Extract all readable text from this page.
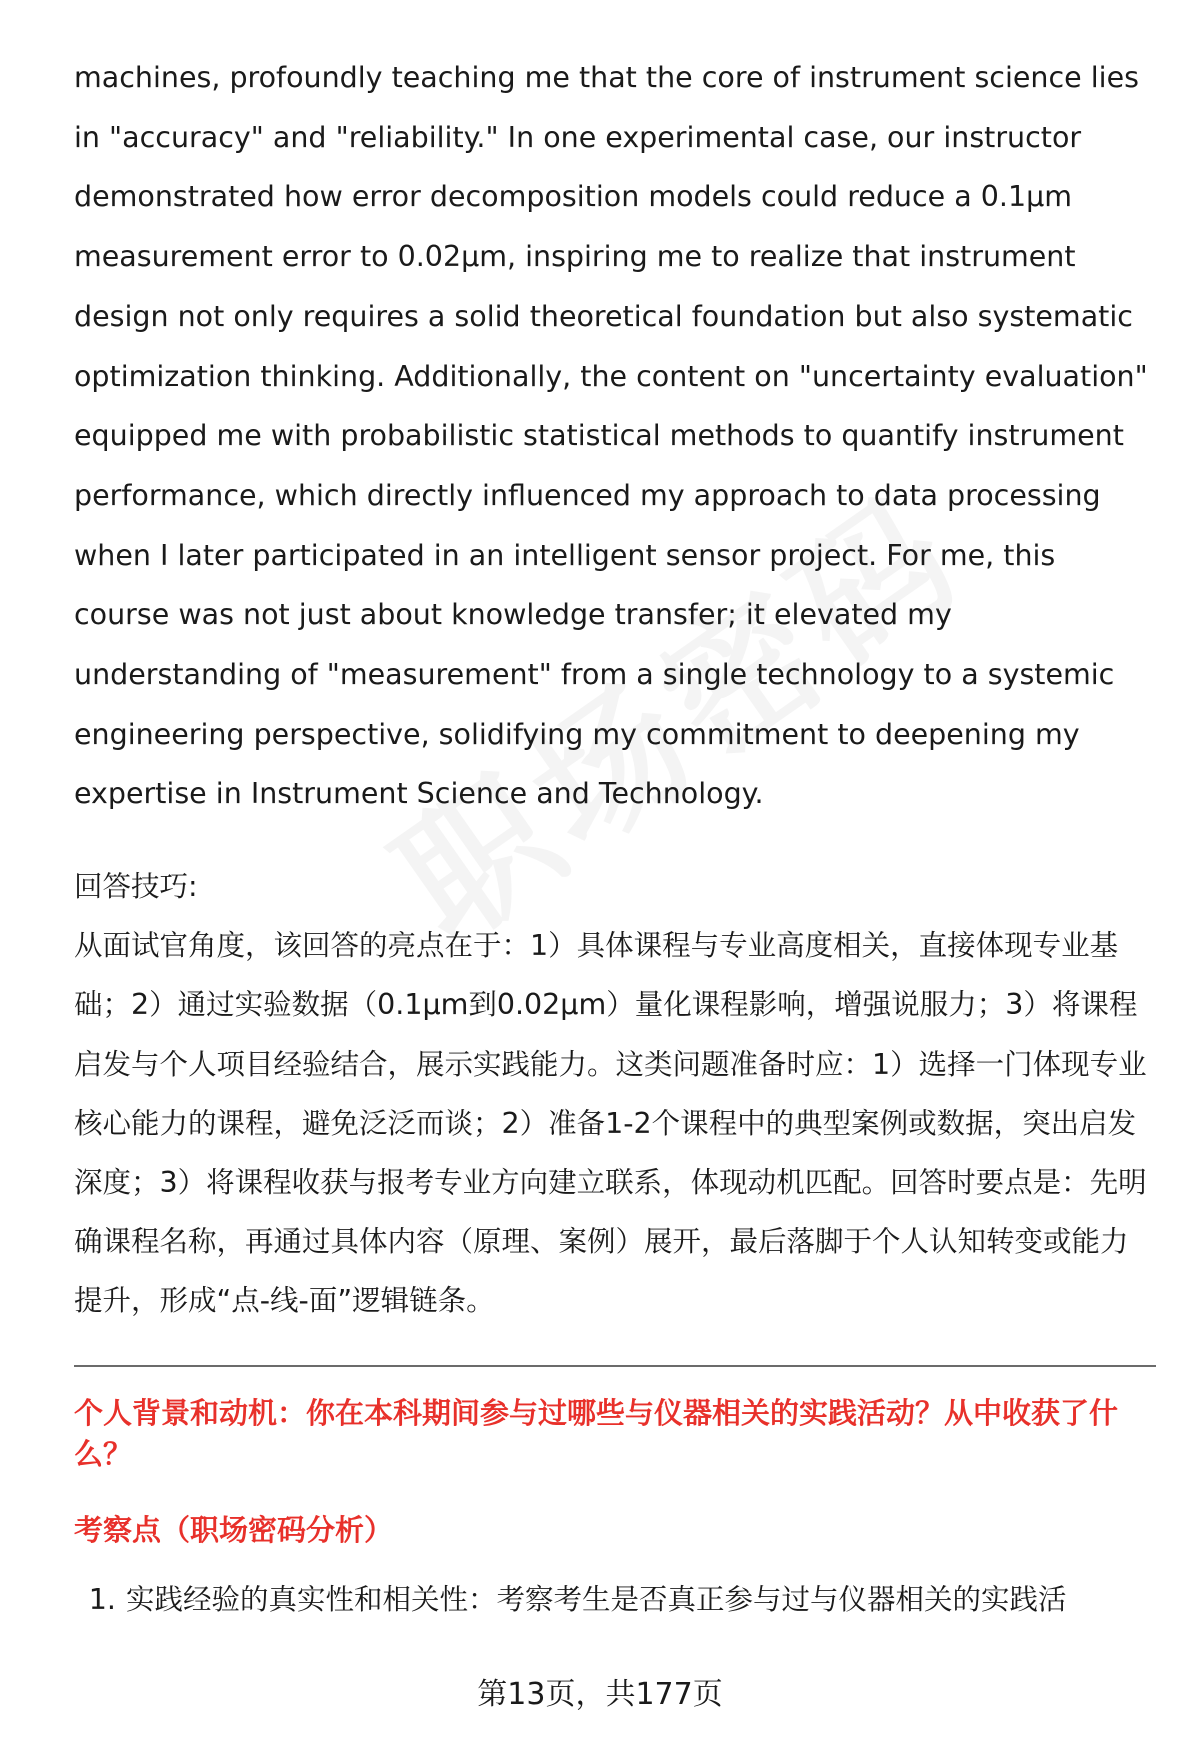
machines, profoundly teaching me that the core of instrument science lies in "accuracy" and "reliability." In one experimental case, our instructor demonstrated how error decomposition models could reduce a 0.1μm measurement error to 0.02μm, inspiring me to realize that instrument design not only requires a solid theoretical foundation but also systematic optimization thinking. Additionally, the content on "uncertainty evaluation" equipped me with probabilistic statistical methods to quantify instrument performance, which directly influenced my approach to data processing when I later participated in an intelligent sensor project. For me, this course was not just about knowledge transfer; it elevated my understanding of "measurement" from a single technology to a systemic engineering perspective, solidifying my commitment to deepening my expertise in Instrument Science and Technology.

回答技巧:

从面试官角度，该回答的亮点在于：1）具体课程与专业高度相关，直接体现专业基础；2）通过实验数据（0.1μm到0.02μm）量化课程影响，增强说服力；3）将课程启发与个人项目经验结合，展示实践能力。这类问题准备时应：1）选择一门体现专业核心能力的课程，避免泛泛而谈；2）准备1-2个课程中的典型案例或数据，突出启发深度；3）将课程收获与报考专业方向建立联系，体现动机匹配。回答时要点是：先明确课程名称，再通过具体内容（原理、案例）展开，最后落脚于个人认知转变或能力提升，形成“点-线-面”逻辑链条。

个人背景和动机：你在本科期间参与过哪些与仪器相关的实践活动？从中收获了什么？

考察点（职场密码分析）

1. 实践经验的真实性和相关性：考察考生是否真正参与过与仪器相关的实践活
第13页，共177页
